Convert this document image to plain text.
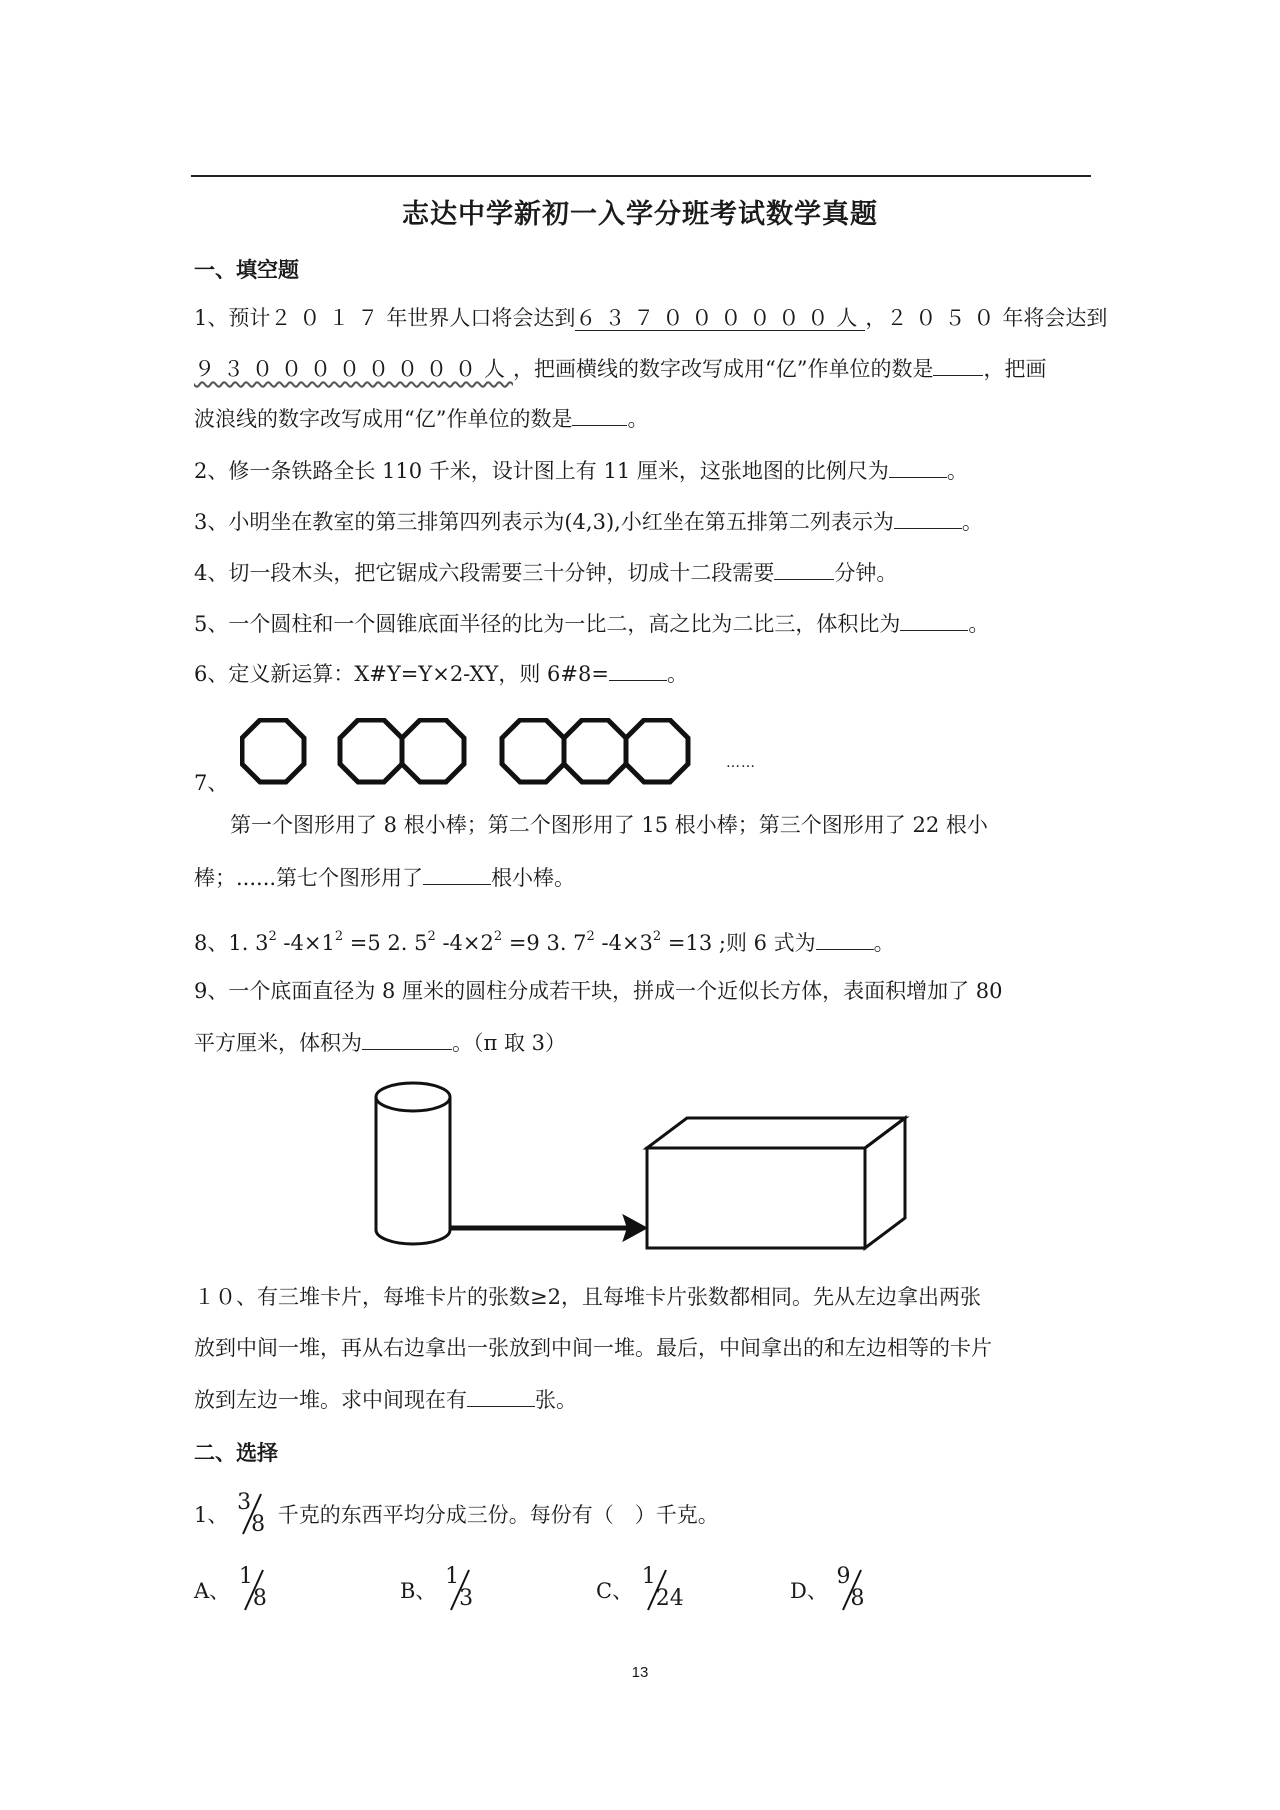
志达中学新初一入学分班考试数学真题
一、填空题
1、预计２０１７年世界人口将会达到６３７００００００人，２０５０年将会达到
９３００００００００人，把画横线的数字改写成用“亿”作单位的数是 ，把画
波浪线的数字改写成用“亿”作单位的数是	。
2、修一条铁路全长 110 千米，设计图上有 11 厘米，这张地图的比例尺为	。
3、小明坐在教室的第三排第四列表示为(4,3),小红坐在第五排第二列表示为	。
4、切一段木头，把它锯成六段需要三十分钟，切成十二段需要	分钟。
5、一个圆柱和一个圆锥底面半径的比为一比二，高之比为二比三，体积比为	。
6、定义新运算：X#Y=Y×2-XY，则 6#8=	。
7、
……
第一个图形用了 8 根小棒；第二个图形用了 15 根小棒；第三个图形用了 22 根小
棒；......第七个图形用了	根小棒。
8、1. $3^2$ $-4\times 1^2 =5$ 2. $5^2$ $-4\times 2^2 =9$ 3. $7^2$ $-4\times 3^2 =13$ ;则 6 式为	。
9、一个底面直径为 8 厘米的圆柱分成若干块，拼成一个近似长方体，表面积增加了 80
平方厘米，体积为	。（π 取 3）
１０、有三堆卡片，每堆卡片的张数≥2，且每堆卡片张数都相同。先从左边拿出两张
放到中间一堆，再从右边拿出一张放到中间一堆。最后，中间拿出的和左边相等的卡片
放到左边一堆。求中间现在有	张。
二、选择
1、 3
8 千克的东西平均分成三份。每份有（　）千克。
A、
1
8	B、
1
3	C、
1
24	D、
9
8
13
